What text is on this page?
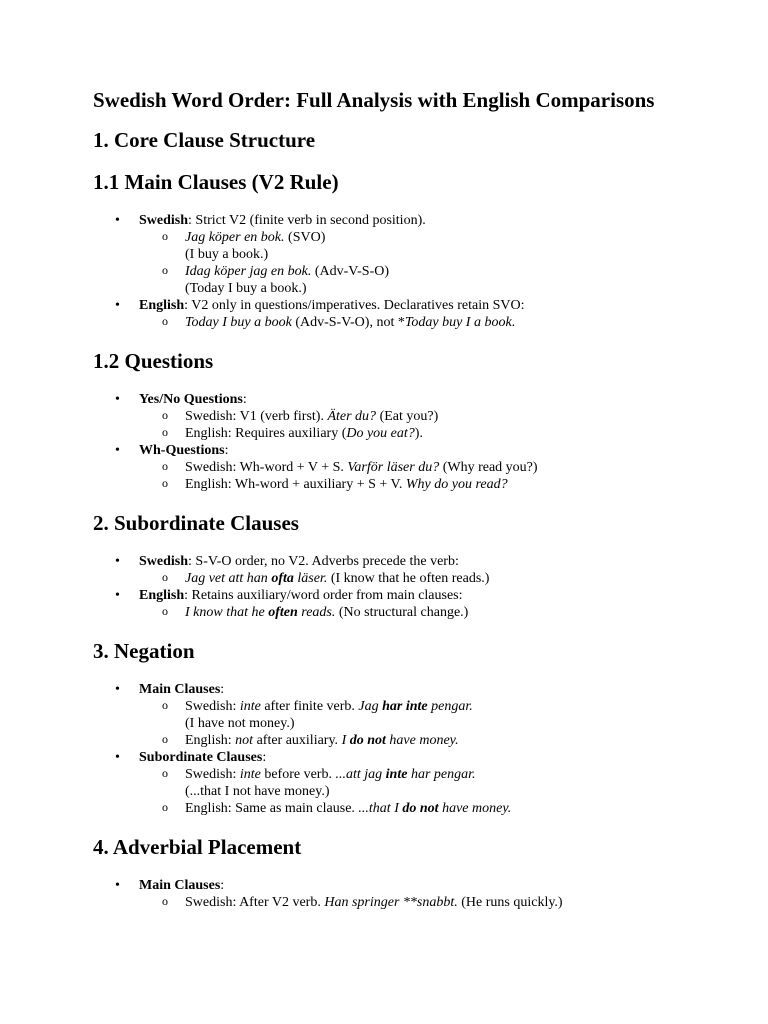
Swedish Word Order: Full Analysis with English Comparisons
1. Core Clause Structure
1.1 Main Clauses (V2 Rule)
• Swedish: Strict V2 (finite verb in second position).
o Jag köper en bok. (SVO)
(I buy a book.)
o Idag köper jag en bok. (Adv-V-S-O)
(Today I buy a book.)
• English: V2 only in questions/imperatives. Declaratives retain SVO:
o Today I buy a book (Adv-S-V-O), not *Today buy I a book.
1.2 Questions
• Yes/No Questions:
o Swedish: V1 (verb first). Äter du? (Eat you?)
o English: Requires auxiliary (Do you eat?).
• Wh-Questions:
o Swedish: Wh-word + V + S. Varför läser du? (Why read you?)
o English: Wh-word + auxiliary + S + V. Why do you read?
2. Subordinate Clauses
• Swedish: S-V-O order, no V2. Adverbs precede the verb:
o Jag vet att han ofta läser. (I know that he often reads.)
• English: Retains auxiliary/word order from main clauses:
o I know that he often reads. (No structural change.)
3. Negation
• Main Clauses:
o Swedish: inte after finite verb. Jag har inte pengar.
(I have not money.)
o English: not after auxiliary. I do not have money.
• Subordinate Clauses:
o Swedish: inte before verb. ...att jag inte har pengar.
(...that I not have money.)
o English: Same as main clause. ...that I do not have money.
4. Adverbial Placement
• Main Clauses:
o Swedish: After V2 verb. Han springer **snabbt. (He runs quickly.)
